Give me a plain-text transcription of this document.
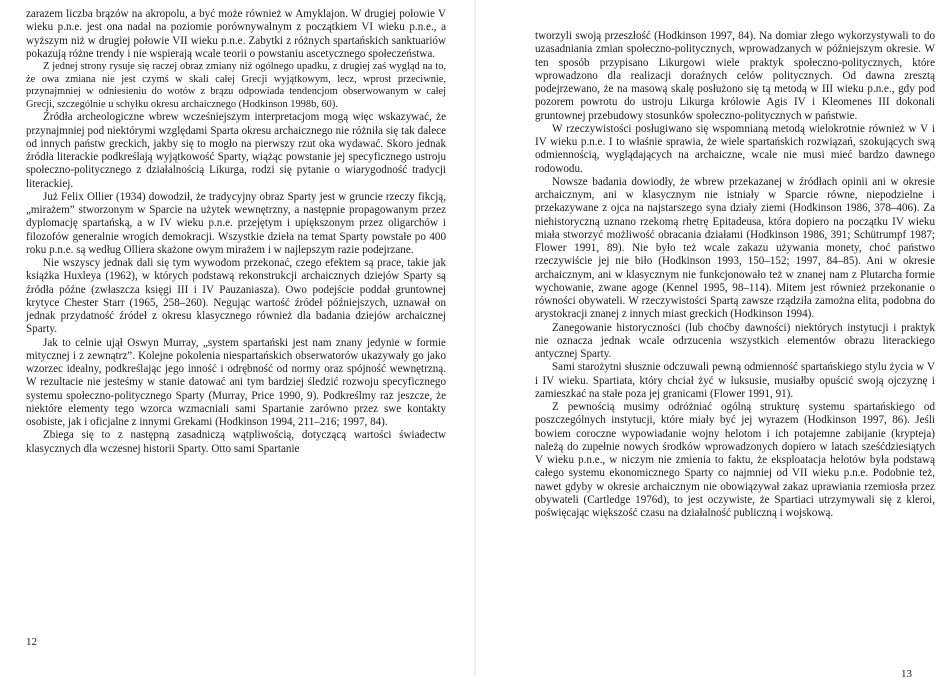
zarazem liczba brązów na akropolu, a być może również w Amyklajon. W drugiej połowie V wieku p.n.e. jest ona nadal na poziomie porównywalnym z początkiem VI wieku p.n.e., a wyższym niż w drugiej połowie VII wieku p.n.e. Zabytki z różnych spartańskich sanktuariów pokazują różne trendy i nie wspierają wcale teorii o powstaniu ascetycznego społeczeństwa.

Z jednej strony rysuje się raczej obraz zmiany niż ogólnego upadku, z drugiej zaś wygląd na to, że owa zmiana nie jest czymś w skali całej Grecji wyjątkowym, lecz, wprost przeciwnie, przynajmniej w odniesieniu do wotów z brązu odpowiada tendencjom obserwowanym w całej Grecji, szczególnie u schyłku okresu archaicznego (Hodkinson 1998b, 60).

Źródła archeologiczne wbrew wcześniejszym interpretacjom mogą więc wskazywać, że przynajmniej pod niektórymi względami Sparta okresu archaicznego nie różniła się tak dalece od innych państw greckich, jakby się to mogło na pierwszy rzut oka wydawać. Skoro jednak źródła literackie podkreślają wyjątkowość Sparty, wiążąc powstanie jej specyficznego ustroju społeczno-politycznego z działalnością Likurga, rodzi się pytanie o wiarygodność tradycji literackiej.

Już Felix Ollier (1934) dowodził, że tradycyjny obraz Sparty jest w gruncie rzeczy fikcją, „mirażem” stworzonym w Sparcie na użytek wewnętrzny, a następnie propagowanym przez dyplomację spartańską, a w IV wieku p.n.e. przejętym i upiększonym przez oligarchów i filozofów generalnie wrogich demokracji. Wszystkie dzieła na temat Sparty powstałe po 400 roku p.n.e. są według Olliera skażone owym mirażem i w najlepszym razie podejrzane.

Nie wszyscy jednak dali się tym wywodom przekonać, czego efektem są prace, takie jak książka Huxleya (1962), w których podstawą rekonstrukcji archaicznych dziejów Sparty są źródła późne (zwłaszcza księgi III i IV Pauzaniasza). Owo podejście poddał gruntownej krytyce Chester Starr (1965, 258–260). Negując wartość źródeł późniejszych, uznawał on jednak przydatność źródeł z okresu klasycznego również dla badania dziejów archaicznej Sparty.

Jak to celnie ujął Oswyn Murray, „system spartański jest nam znany jedynie w formie mitycznej i z zewnątrz”. Kolejne pokolenia niespartańskich obserwatorów ukazywały go jako wzorzec idealny, podkreślając jego inność i odrębność od normy oraz spójność wewnętrzną. W rezultacie nie jesteśmy w stanie datować ani tym bardziej śledzić rozwoju specyficznego systemu społeczno-politycznego Sparty (Murray, Price 1990, 9). Podkreślmy raz jeszcze, że niektóre elementy tego wzorca wzmacniali sami Spartanie zarówno przez swe kontakty osobiste, jak i oficjalne z innymi Grekami (Hodkinson 1994, 211–216; 1997, 84).

Zbiega się to z następną zasadniczą wątpliwością, dotyczącą wartości świadectw klasycznych dla wczesnej historii Sparty. Otto sami Spartanie

12

tworzyli swoją przeszłość (Hodkinson 1997, 84). Na domiar złego wykorzystywali to do uzasadniania zmian społeczno-politycznych, wprowadzanych w późniejszym okresie. W ten sposób przypisano Likurgowi wiele praktyk społeczno-politycznych, które wprowadzono dla realizacji doraźnych celów politycznych. Od dawna zresztą podejrzewano, że na masową skalę posłużono się tą metodą w III wieku p.n.e., gdy pod pozorem powrotu do ustroju Likurga królowie Agis IV i Kleomenes III dokonali gruntownej przebudowy stosunków społeczno-politycznych w państwie.

W rzeczywistości posługiwano się wspomnianą metodą wielokrotnie również w V i IV wieku p.n.e. I to właśnie sprawia, że wiele spartańskich rozwiązań, szokujących swą odmiennością, wyglądających na archaiczne, wcale nie musi mieć bardzo dawnego rodowodu.

Nowsze badania dowiodły, że wbrew przekazanej w źródłach opinii ani w okresie archaicznym, ani w klasycznym nie istniały w Sparcie równe, niepodzielne i przekazywane z ojca na najstarszego syna działy ziemi (Hodkinson 1986, 378–406). Za niehistoryczną uznano rzekomą rhetrę Epitadeusa, która dopiero na początku IV wieku miała stworzyć możliwość obracania działami (Hodkinson 1986, 391; Schütrumpf 1987; Flower 1991, 89). Nie było też wcale zakazu używania monety, choć państwo rzeczywiście jej nie biło (Hodkinson 1993, 150–152; 1997, 84–85). Ani w okresie archaicznym, ani w klasycznym nie funkcjonowało też w znanej nam z Plutarcha formie wychowanie, zwane agoge (Kennel 1995, 98–114). Mitem jest również przekonanie o równości obywateli. W rzeczywistości Spartą zawsze rządziła zamożna elita, podobna do arystokracji znanej z innych miast greckich (Hodkinson 1994).

Zanegowanie historyczności (lub choćby dawności) niektórych instytucji i praktyk nie oznacza jednak wcale odrzucenia wszystkich elementów obrazu literackiego antycznej Sparty.

Sami starożytni słusznie odczuwali pewną odmienność spartańskiego stylu życia w V i IV wieku. Spartiata, który chciał żyć w luksusie, musiałby opuścić swoją ojczyznę i zamieszkać na stałe poza jej granicami (Flower 1991, 91).

Z pewnością musimy odróżniać ogólną strukturę systemu spartańskiego od poszczególnych instytucji, które miały być jej wyrazem (Hodkinson 1997, 86). Jeśli bowiem coroczne wypowiadanie wojny helotom i ich potajemne zabijanie (krypteja) należą do zupełnie nowych środków wprowadzonych dopiero w latach sześćdziesiątych V wieku p.n.e., w niczym nie zmienia to faktu, że eksploatacja helotów była podstawą całego systemu ekonomicznego Sparty co najmniej od VII wieku p.n.e. Podobnie też, nawet gdyby w okresie archaicznym nie obowiązywał zakaz uprawiania rzemiosła przez obywateli (Cartledge 1976d), to jest oczywiste, że Spartiaci utrzymywali się z kleroi, poświęcając większość czasu na działalność publiczną i wojskową.

13
